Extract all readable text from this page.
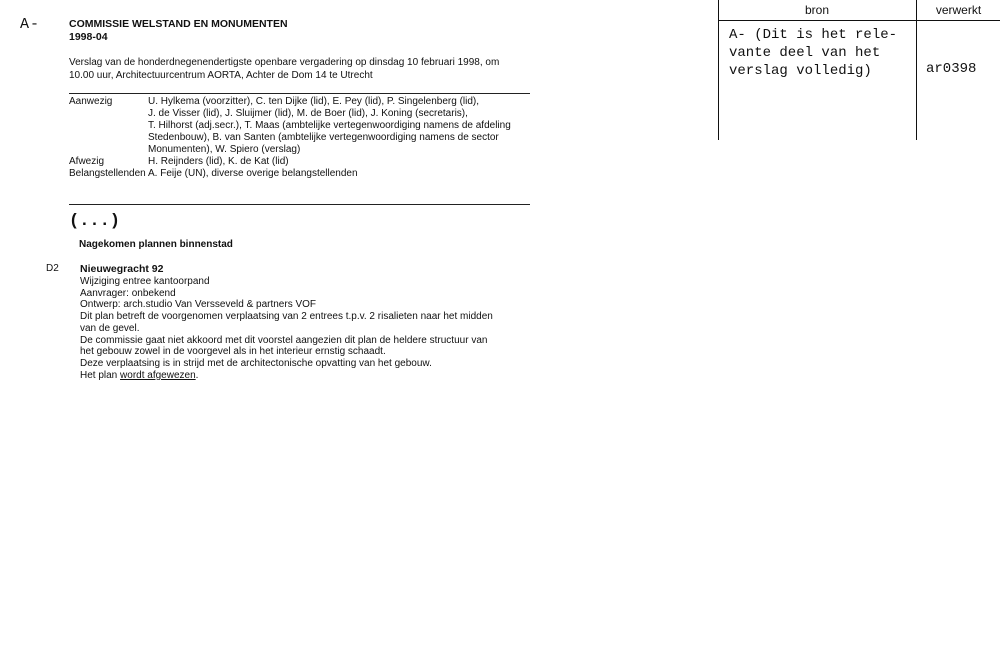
A-	COMMISSIE WELSTAND EN MONUMENTEN
1998-04
Verslag van de honderdnegenendertigste openbare vergadering op dinsdag 10 februari 1998, om
10.00 uur, Architectuurcentrum AORTA, Achter de Dom 14 te Utrecht
Aanwezig	U. Hylkema (voorzitter), C. ten Dijke (lid), E. Pey (lid), P. Singelenberg (lid),
J. de Visser (lid), J. Sluijmer (lid), M. de Boer (lid), J. Koning (secretaris),
T. Hilhorst (adj.secr.), T. Maas (ambtelijke vertegenwoordiging namens de afdeling
Stedenbouw), B. van Santen (ambtelijke vertegenwoordiging namens de sector
Monumenten), W. Spiero (verslag)
Afwezig	H. Reijnders (lid), K. de Kat (lid)
Belangstellenden A. Feije (UN), diverse overige belangstellenden
(...)
Nagekomen plannen binnenstad
D2 Nieuwegracht 92
Wijziging entree kantoorpand
Aanvrager: onbekend
Ontwerp: arch.studio Van Versseveld & partners VOF
Dit plan betreft de voorgenomen verplaatsing van 2 entrees t.p.v. 2 risalieten naar het midden
van de gevel.
De commissie gaat niet akkoord met dit voorstel aangezien dit plan de heldere structuur van
het gebouw zowel in de voorgevel als in het interieur ernstig schaadt.
Deze verplaatsing is in strijd met de architectonische opvatting van het gebouw.
Het plan wordt afgewezen.
bron	verwerkt
A- (Dit is het rele-
vante deel van het
verslag volledig)	ar0398
